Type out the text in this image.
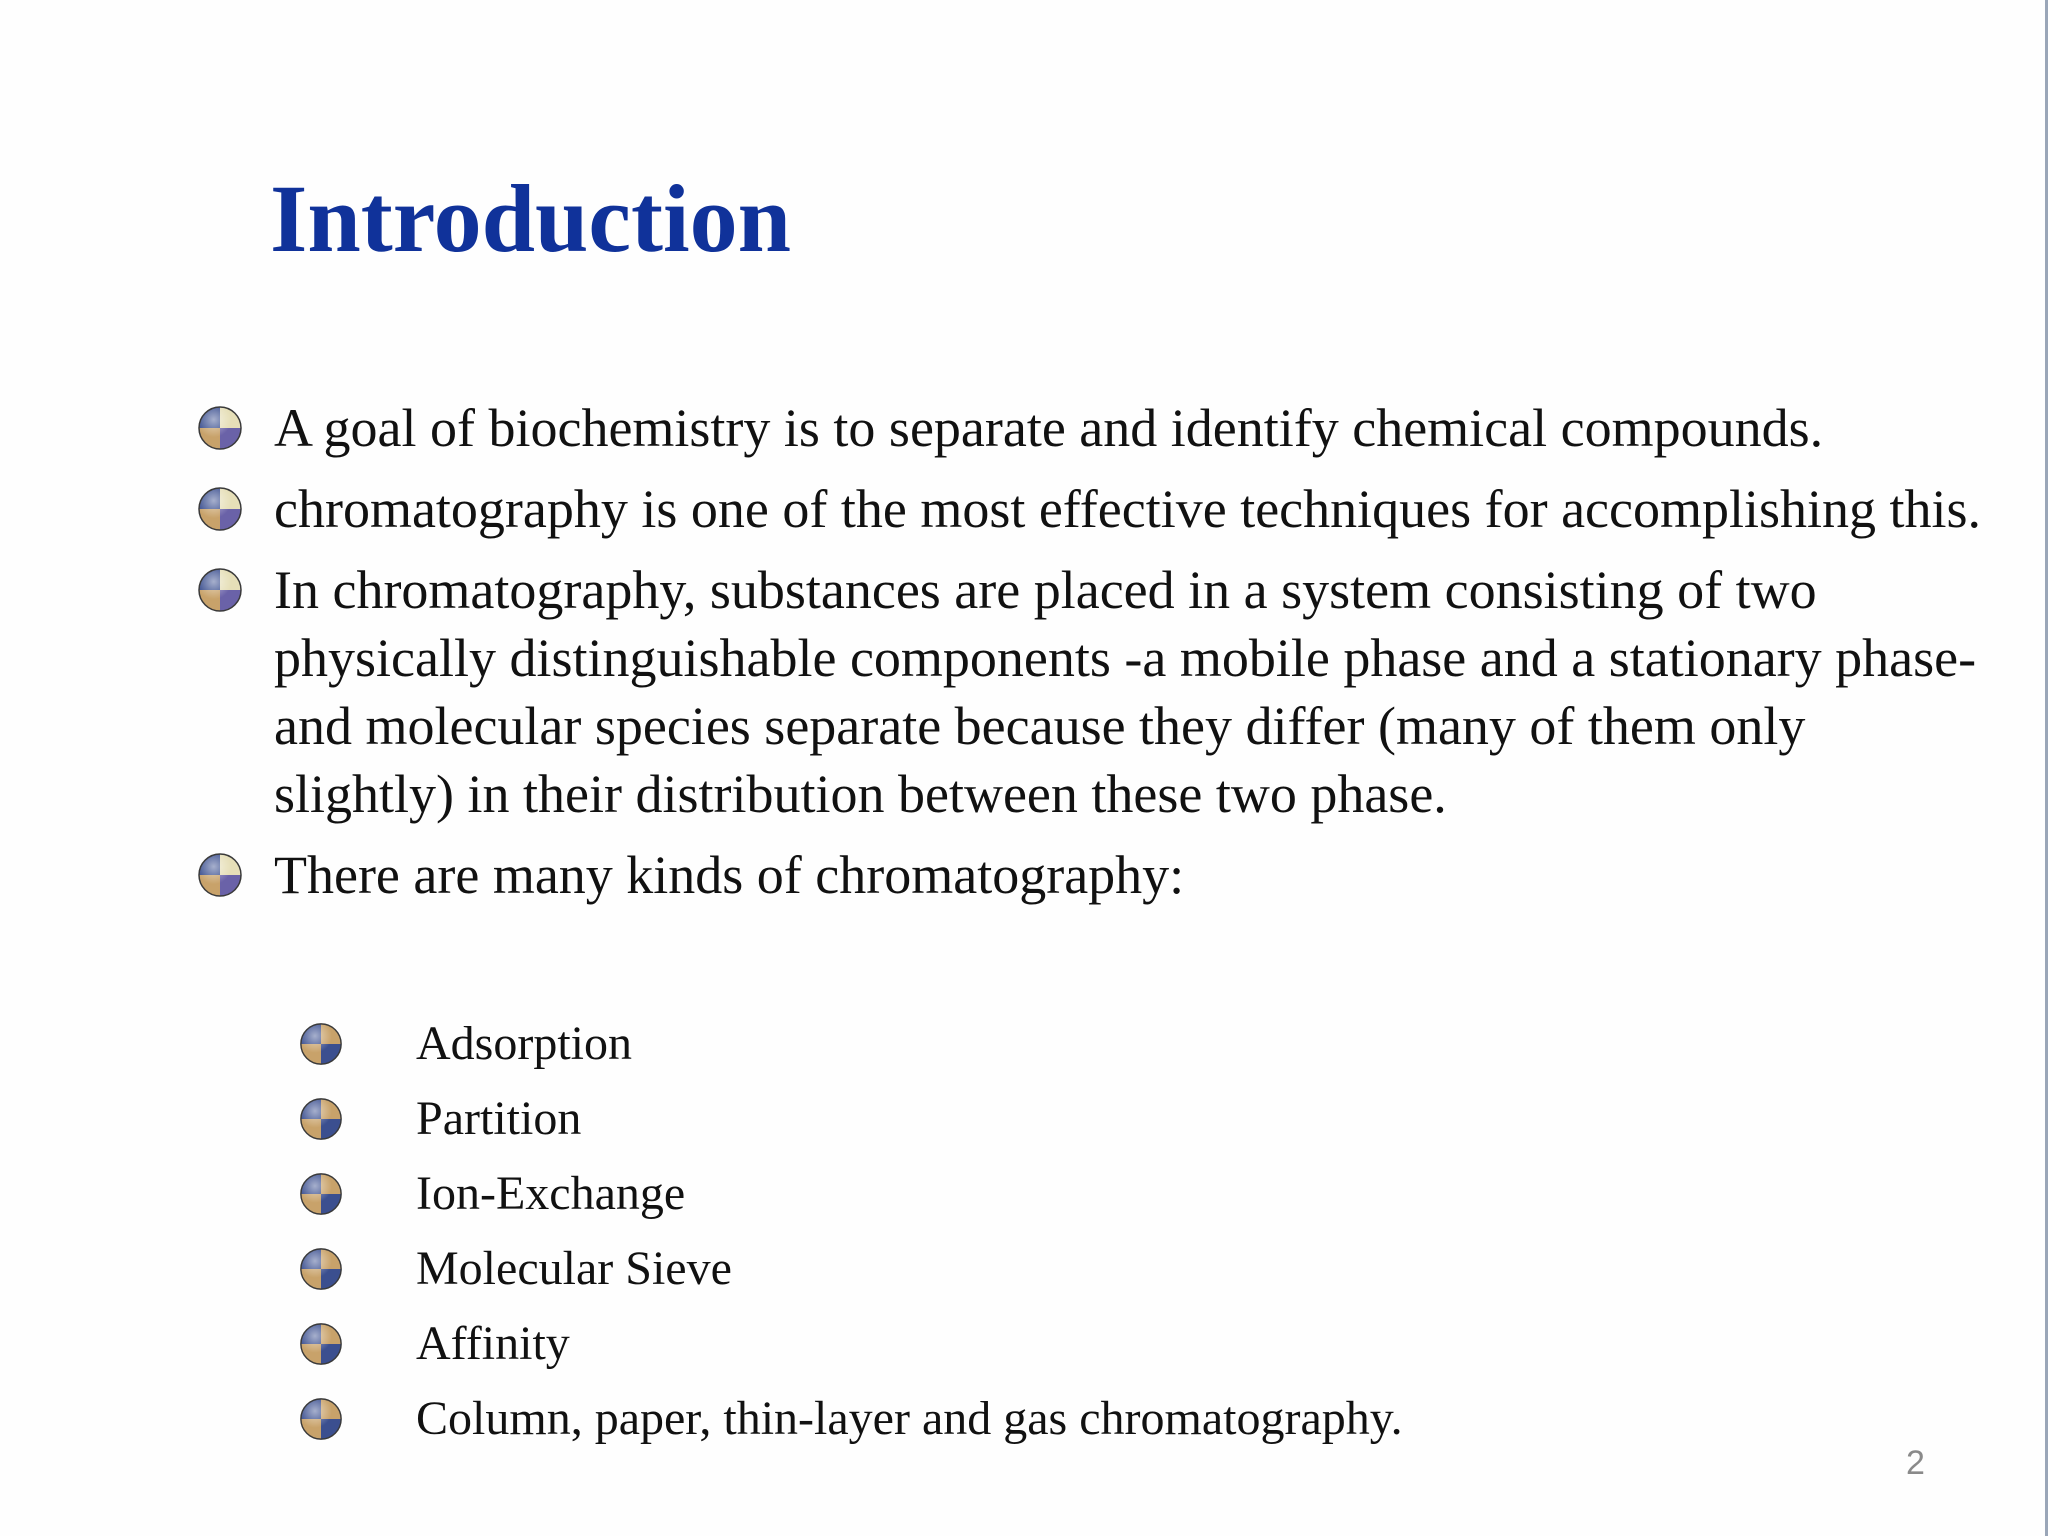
Introduction
A goal of biochemistry is to separate and identify chemical compounds.
chromatography is one of the most effective techniques for accomplishing this.
In chromatography, substances are placed in a system consisting of two physically distinguishable components -a mobile phase and a stationary phase-and molecular species separate because they differ (many of them only slightly) in their distribution between these two phase.
There are many kinds of chromatography:
Adsorption
Partition
Ion-Exchange
Molecular Sieve
Affinity
Column, paper, thin-layer and gas chromatography.
2
